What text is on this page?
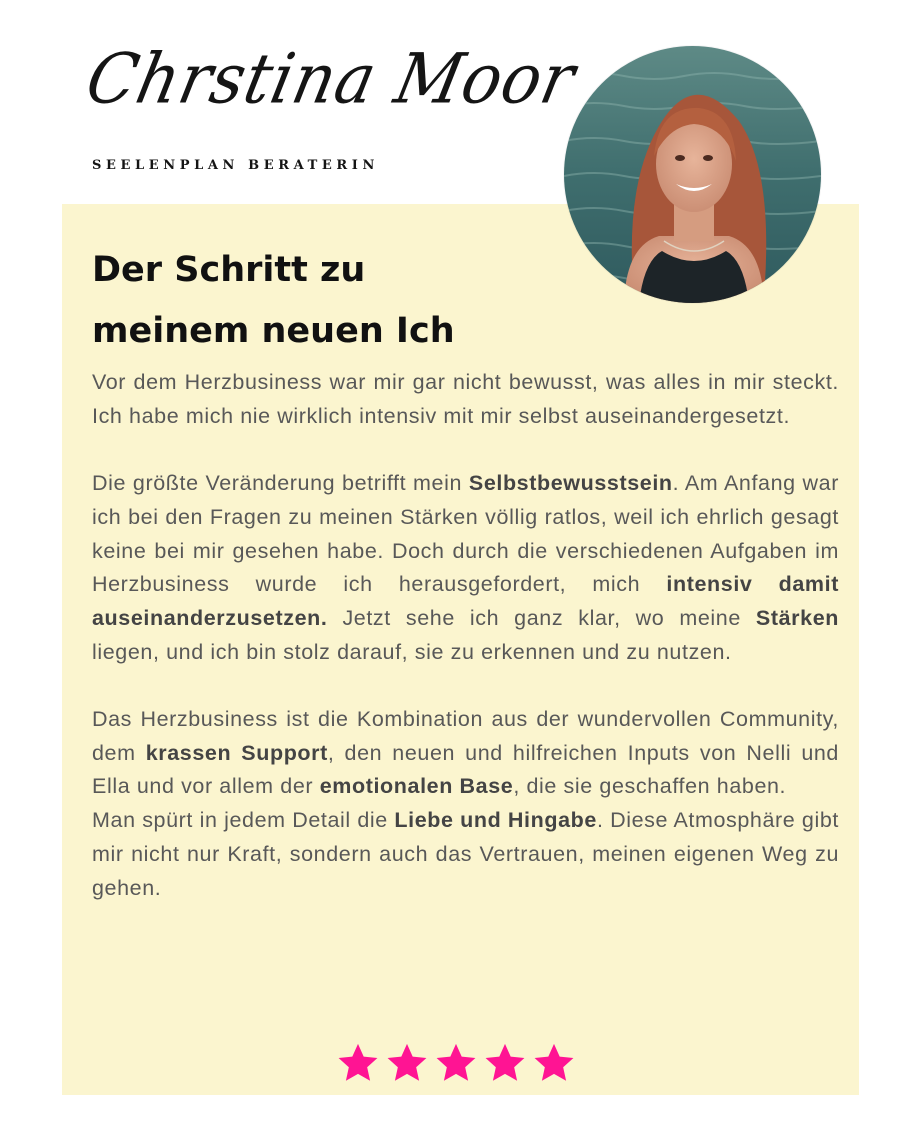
Chrstina Moor
SEELENPLAN BERATERIN
Der Schritt zu
meinem neuen Ich

Vor dem Herzbusiness war mir gar nicht bewusst, was alles in mir steckt. Ich habe mich nie wirklich intensiv mit mir selbst auseinandergesetzt.

Die größte Veränderung betrifft mein Selbstbewusstsein. Am Anfang war ich bei den Fragen zu meinen Stärken völlig ratlos, weil ich ehrlich gesagt keine bei mir gesehen habe. Doch durch die verschiedenen Aufgaben im Herzbusiness wurde ich herausgefordert, mich intensiv damit auseinanderzusetzen. Jetzt sehe ich ganz klar, wo meine Stärken liegen, und ich bin stolz darauf, sie zu erkennen und zu nutzen.

Das Herzbusiness ist die Kombination aus der wundervollen Community, dem krassen Support, den neuen und hilfreichen Inputs von Nelli und Ella und vor allem der emotionalen Base, die sie geschaffen haben.

Man spürt in jedem Detail die Liebe und Hingabe. Diese Atmosphäre gibt mir nicht nur Kraft, sondern auch das Vertrauen, meinen eigenen Weg zu gehen.
